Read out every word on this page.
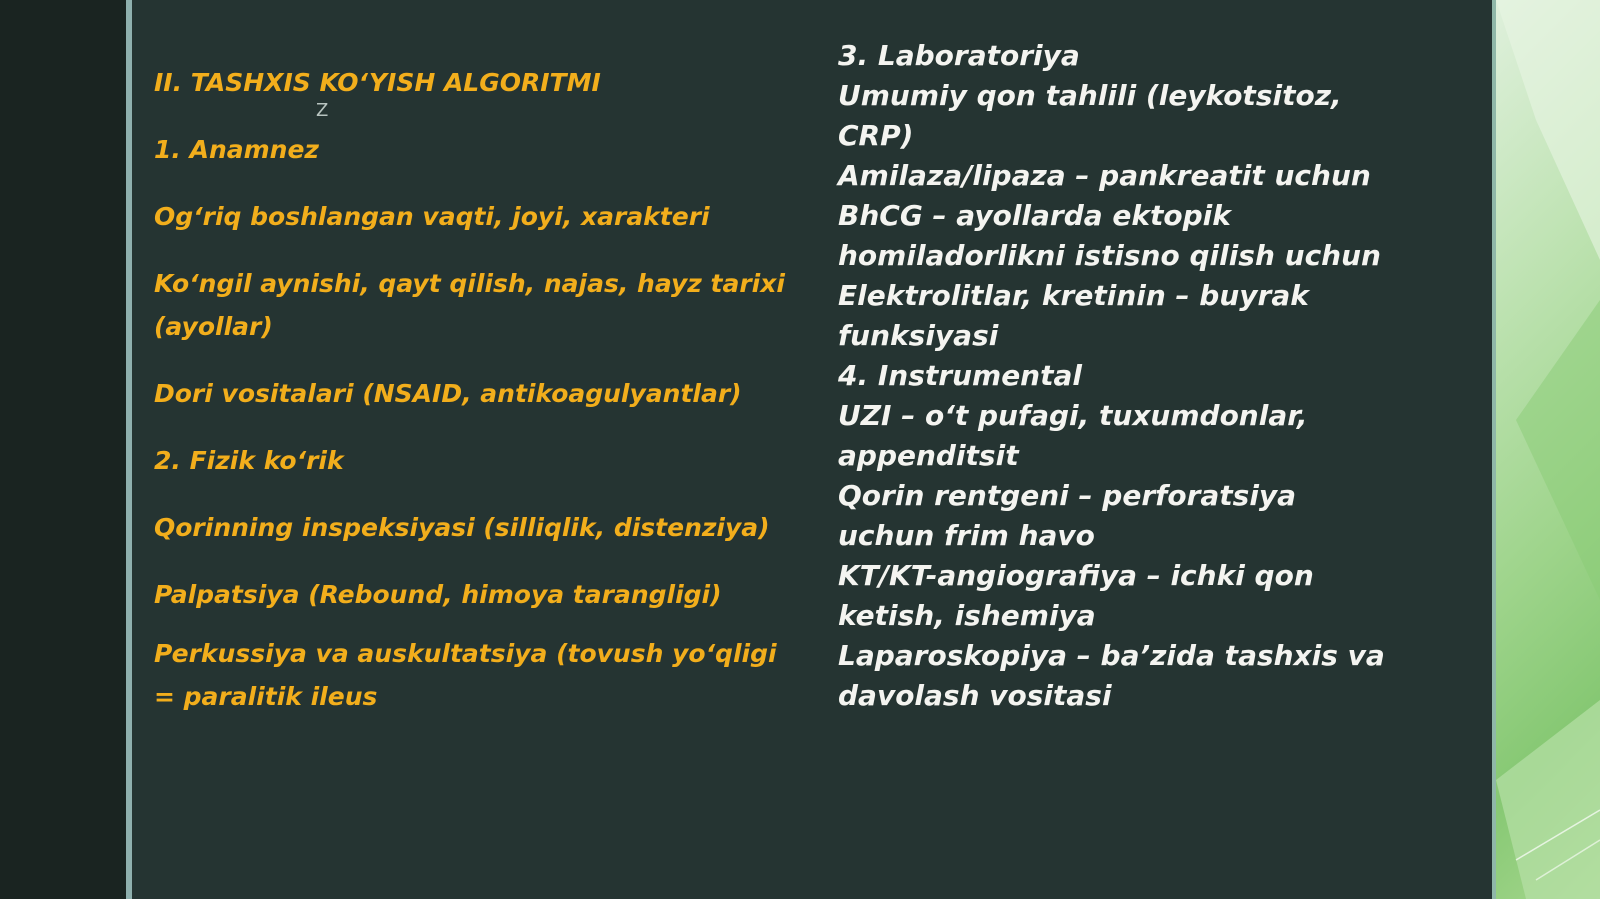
II. TASHXIS KO‘YISH ALGORITMI

Z

1. Anamnez

Og‘riq boshlangan vaqti, joyi, xarakteri

Ko‘ngil aynishi, qayt qilish, najas, hayz tarixi (ayollar)

Dori vositalari (NSAID, antikoagulyantlar)

2. Fizik ko‘rik

Qorinning inspeksiyasi (silliqlik, distenziya)

Palpatsiya (Rebound, himoya tarangligi)

Perkussiya va auskultatsiya (tovush yo‘qligi = paralitik ileus

3. Laboratoriya

Umumiy qon tahlili (leykotsitoz, CRP)

Amilaza/lipaza – pankreatit uchun

BhCG – ayollarda ektopik homiladorlikni istisno qilish uchun

Elektrolitlar, kretinin – buyrak funksiyasi

4. Instrumental

UZI – o‘t pufagi, tuxumdonlar, appenditsit

Qorin rentgeni – perforatsiya uchun frim havo

KT/KT-angiografiya – ichki qon ketish, ishemiya

Laparoskopiya – ba’zida tashxis va davolash vositasi
